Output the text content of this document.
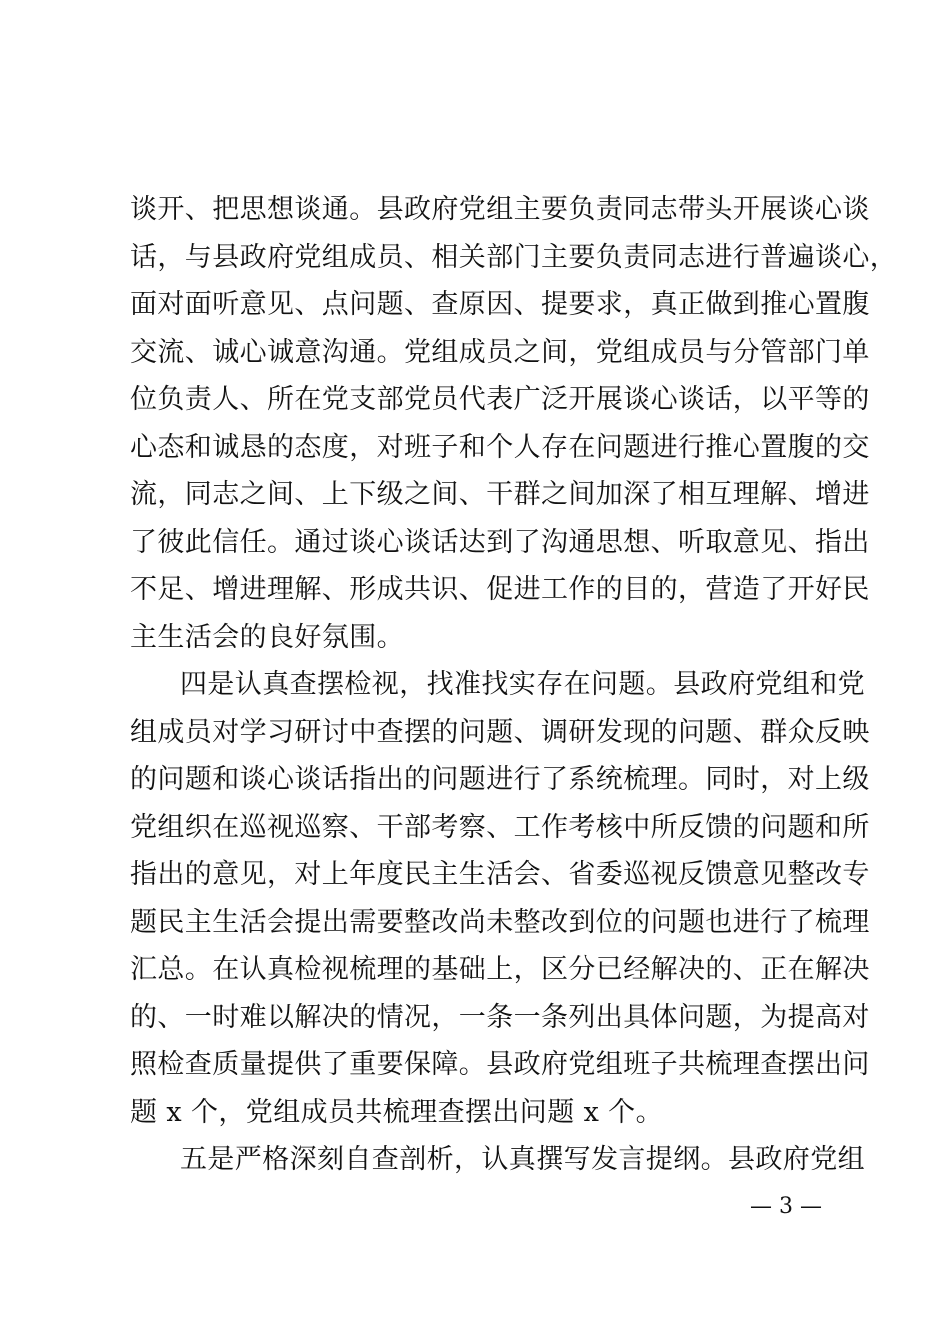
谈开、把思想谈通。县政府党组主要负责同志带头开展谈心谈
话，与县政府党组成员、相关部门主要负责同志进行普遍谈心，
面对面听意见、点问题、查原因、提要求，真正做到推心置腹
交流、诚心诚意沟通。党组成员之间，党组成员与分管部门单
位负责人、所在党支部党员代表广泛开展谈心谈话，以平等的
心态和诚恳的态度，对班子和个人存在问题进行推心置腹的交
流，同志之间、上下级之间、干群之间加深了相互理解、增进
了彼此信任。通过谈心谈话达到了沟通思想、听取意见、指出
不足、增进理解、形成共识、促进工作的目的，营造了开好民
主生活会的良好氛围。
四是认真查摆检视，找准找实存在问题。县政府党组和党
组成员对学习研讨中查摆的问题、调研发现的问题、群众反映
的问题和谈心谈话指出的问题进行了系统梳理。同时，对上级
党组织在巡视巡察、干部考察、工作考核中所反馈的问题和所
指出的意见，对上年度民主生活会、省委巡视反馈意见整改专
题民主生活会提出需要整改尚未整改到位的问题也进行了梳理
汇总。在认真检视梳理的基础上，区分已经解决的、正在解决
的、一时难以解决的情况，一条一条列出具体问题，为提高对
照检查质量提供了重要保障。县政府党组班子共梳理查摆出问
题 x 个，党组成员共梳理查摆出问题 x 个。
五是严格深刻自查剖析，认真撰写发言提纲。县政府党组
— 3 —
